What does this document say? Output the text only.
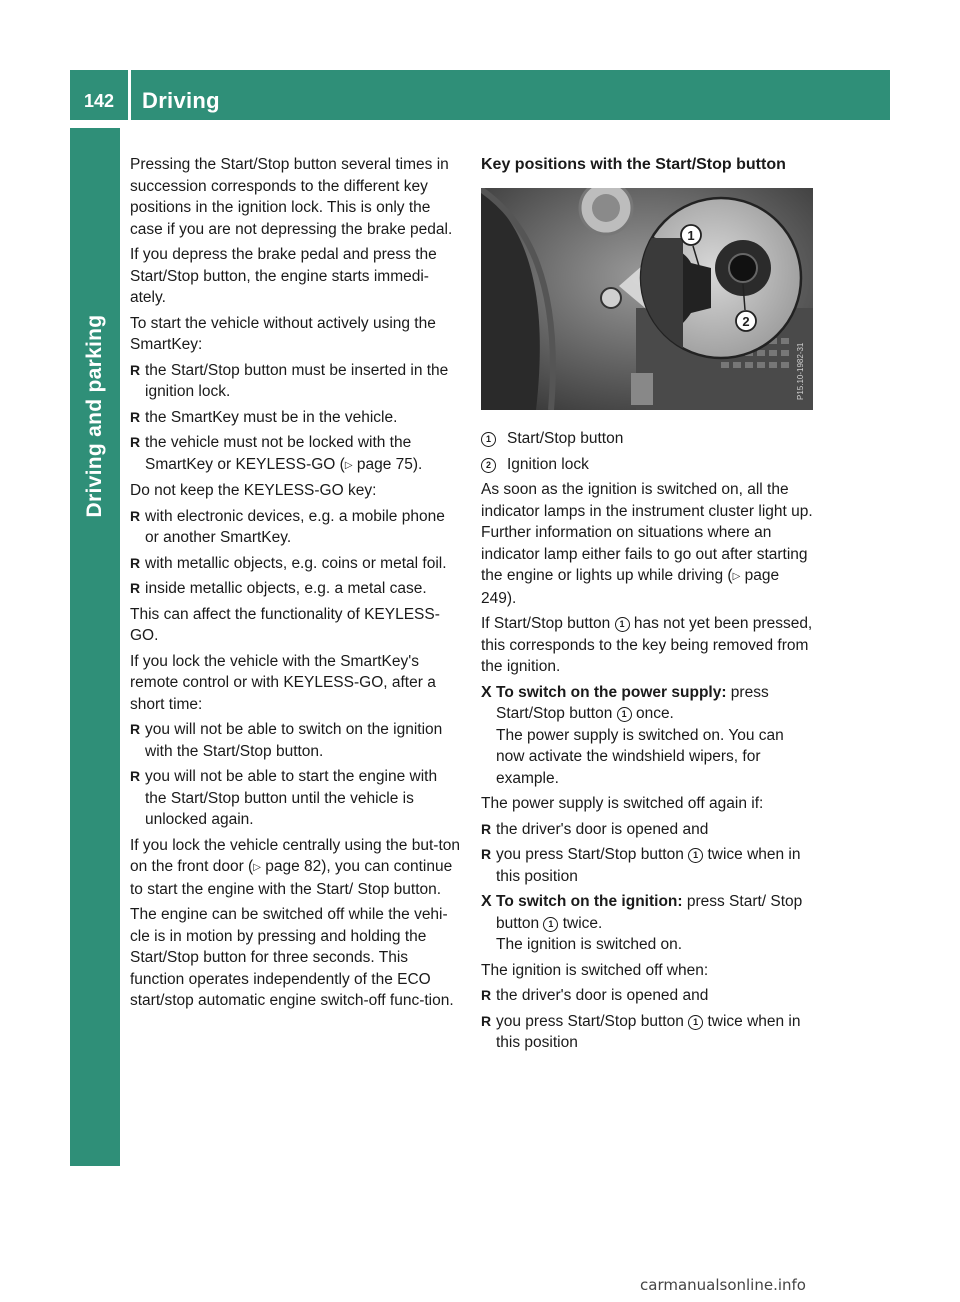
142	Driving
Driving and parking

Pressing the Start/Stop button several times in succession corresponds to the different key positions in the ignition lock. This is only the case if you are not depressing the brake pedal.

If you depress the brake pedal and press the Start/Stop button, the engine starts immedi-ately.

To start the vehicle without actively using the SmartKey:

R the Start/Stop button must be inserted in the ignition lock.
R the SmartKey must be in the vehicle.
R the vehicle must not be locked with the SmartKey or KEYLESS-GO (▷ page 75).

Do not keep the KEYLESS-GO key:

R with electronic devices, e.g. a mobile phone or another SmartKey.
R with metallic objects, e.g. coins or metal foil.
R inside metallic objects, e.g. a metal case.

This can affect the functionality of KEYLESS-GO.

If you lock the vehicle with the SmartKey's remote control or with KEYLESS-GO, after a short time:

R you will not be able to switch on the ignition with the Start/Stop button.
R you will not be able to start the engine with the Start/Stop button until the vehicle is unlocked again.

If you lock the vehicle centrally using the but-ton on the front door (▷ page 82), you can continue to start the engine with the Start/ Stop button.

The engine can be switched off while the vehi-cle is in motion by pressing and holding the Start/Stop button for three seconds. This function operates independently of the ECO start/stop automatic engine switch-off func-tion.

Key positions with the Start/Stop button
1
2
P15.10-1982-31
1	Start/Stop button
2	Ignition lock

As soon as the ignition is switched on, all the indicator lamps in the instrument cluster light up. Further information on situations where an indicator lamp either fails to go out after starting the engine or lights up while driving (▷ page 249).

If Start/Stop button 1 has not yet been pressed, this corresponds to the key being removed from the ignition.

X To switch on the power supply: press Start/Stop button 1 once.
The power supply is switched on. You can now activate the windshield wipers, for example.

The power supply is switched off again if:

R the driver's door is opened and
R you press Start/Stop button 1 twice when in this position
X To switch on the ignition: press Start/ Stop button 1 twice.
The ignition is switched on.

The ignition is switched off when:

R the driver's door is opened and
R you press Start/Stop button 1 twice when in this position
carmanualsonline.info
